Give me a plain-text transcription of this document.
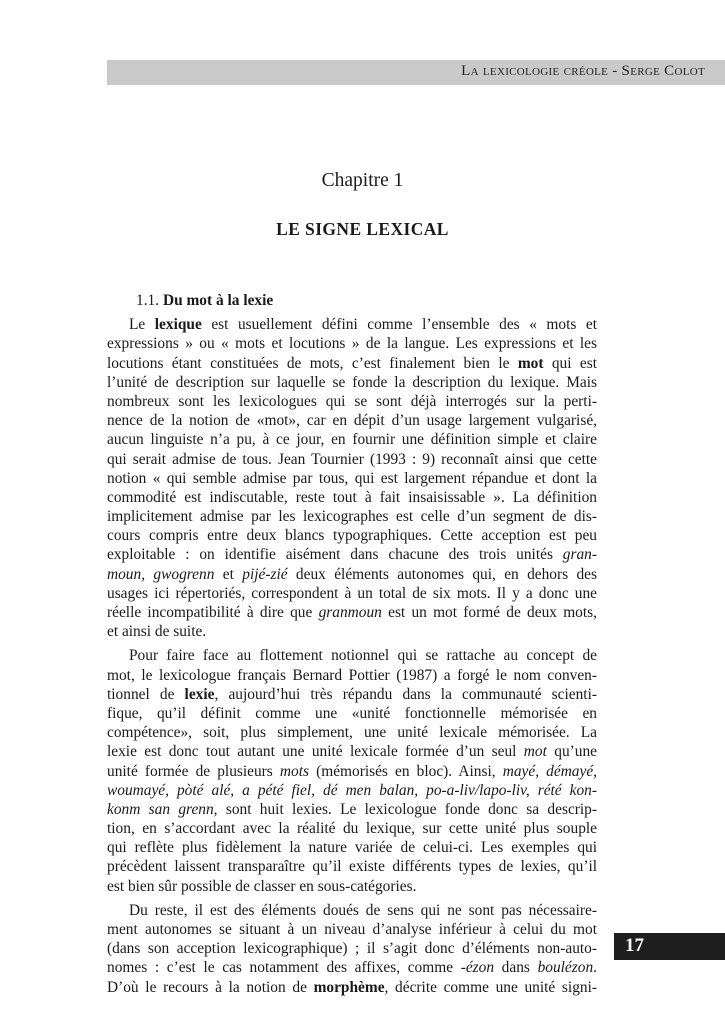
La lexicologie créole - Serge Colot
Chapitre 1
LE SIGNE LEXICAL
1.1. Du mot à la lexie
Le lexique est usuellement défini comme l’ensemble des « mots et
expressions » ou « mots et locutions » de la langue. Les expressions et les
locutions étant constituées de mots, c’est finalement bien le mot qui est
l’unité de description sur laquelle se fonde la description du lexique. Mais
nombreux sont les lexicologues qui se sont déjà interrogés sur la perti-
nence de la notion de «mot», car en dépit d’un usage largement vulgarisé,
aucun linguiste n’a pu, à ce jour, en fournir une définition simple et claire
qui serait admise de tous. Jean Tournier (1993 : 9) reconnaît ainsi que cette
notion « qui semble admise par tous, qui est largement répandue et dont la
commodité est indiscutable, reste tout à fait insaisissable ». La définition
implicitement admise par les lexicographes est celle d’un segment de dis-
cours compris entre deux blancs typographiques. Cette acception est peu
exploitable : on identifie aisément dans chacune des trois unités gran-
moun, gwogrenn et pijé-zié deux éléments autonomes qui, en dehors des
usages ici répertoriés, correspondent à un total de six mots. Il y a donc une
réelle incompatibilité à dire que granmoun est un mot formé de deux mots,
et ainsi de suite.
Pour faire face au flottement notionnel qui se rattache au concept de
mot, le lexicologue français Bernard Pottier (1987) a forgé le nom conven-
tionnel de lexie, aujourd’hui très répandu dans la communauté scienti-
fique, qu’il définit comme une «unité fonctionnelle mémorisée en
compétence», soit, plus simplement, une unité lexicale mémorisée. La
lexie est donc tout autant une unité lexicale formée d’un seul mot qu’une
unité formée de plusieurs mots (mémorisés en bloc). Ainsi, mayé, démayé,
woumayé, pòté alé, a pété fiel, dé men balan, po-a-liv/lapo-liv, rété kon-
konm san grenn, sont huit lexies. Le lexicologue fonde donc sa descrip-
tion, en s’accordant avec la réalité du lexique, sur cette unité plus souple
qui reflète plus fidèlement la nature variée de celui-ci. Les exemples qui
précèdent laissent transparaître qu’il existe différents types de lexies, qu’il
est bien sûr possible de classer en sous-catégories.
Du reste, il est des éléments doués de sens qui ne sont pas nécessaire-
ment autonomes se situant à un niveau d’analyse inférieur à celui du mot
(dans son acception lexicographique) ; il s’agit donc d’éléments non-auto-
nomes : c’est le cas notamment des affixes, comme -ézon dans boulézon.
D’où le recours à la notion de morphème, décrite comme une unité signi-
17
